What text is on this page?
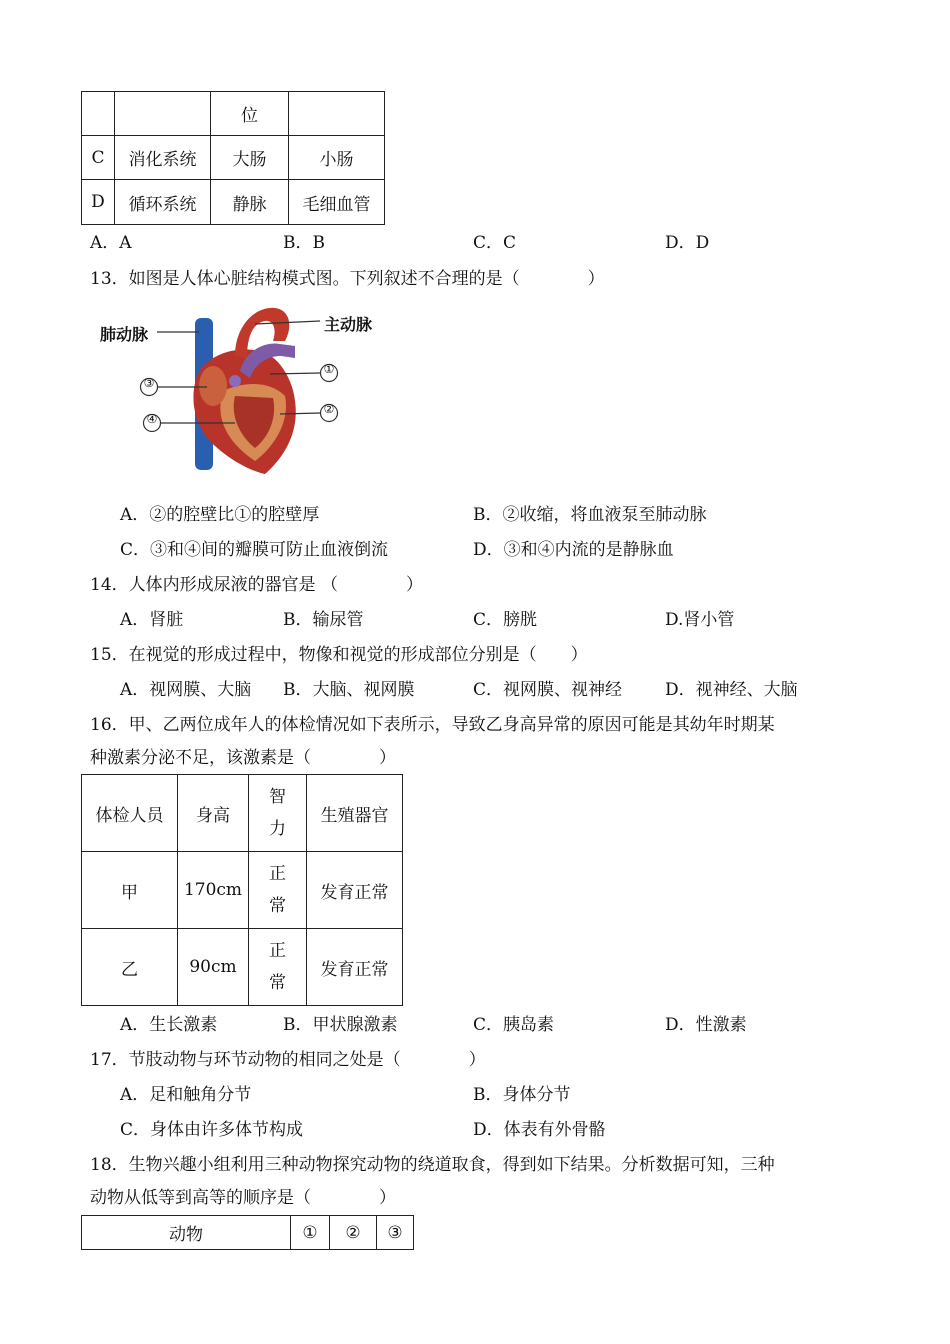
		位	
C	消化系统	大肠	小肠
D	循环系统	静脉	毛细血管
A．A	B．B	C．C	D．D
13．如图是人体心脏结构模式图。下列叙述不合理的是（　　　　）
肺动脉
主动脉
①
②
③
④
A．②的腔壁比①的腔壁厚	B．②收缩，将血液泵至肺动脉
C．③和④间的瓣膜可防止血液倒流	D．③和④内流的是静脉血
14．人体内形成尿液的器官是 （　　　　）
A．肾脏	B．输尿管	C．膀胱	D.肾小管
15．在视觉的形成过程中，物像和视觉的形成部位分别是（　　）
A．视网膜、大脑 B．大脑、视网膜	C．视网膜、视神经	D．视神经、大脑
16．甲、乙两位成年人的体检情况如下表所示，导致乙身高异常的原因可能是其幼年时期某
种激素分泌不足，该激素是（　　　　）
体检人员	身高	智力	生殖器官
甲	170cm	正常	发育正常
乙	90cm	正常	发育正常
A．生长激素	B．甲状腺激素	C．胰岛素	D．性激素
17．节肢动物与环节动物的相同之处是（　　　　）
A．足和触角分节	B．身体分节
C．身体由许多体节构成	D．体表有外骨骼
18．生物兴趣小组利用三种动物探究动物的绕道取食，得到如下结果。分析数据可知，三种
动物从低等到高等的顺序是（　　　　）
动物	①	②	③
